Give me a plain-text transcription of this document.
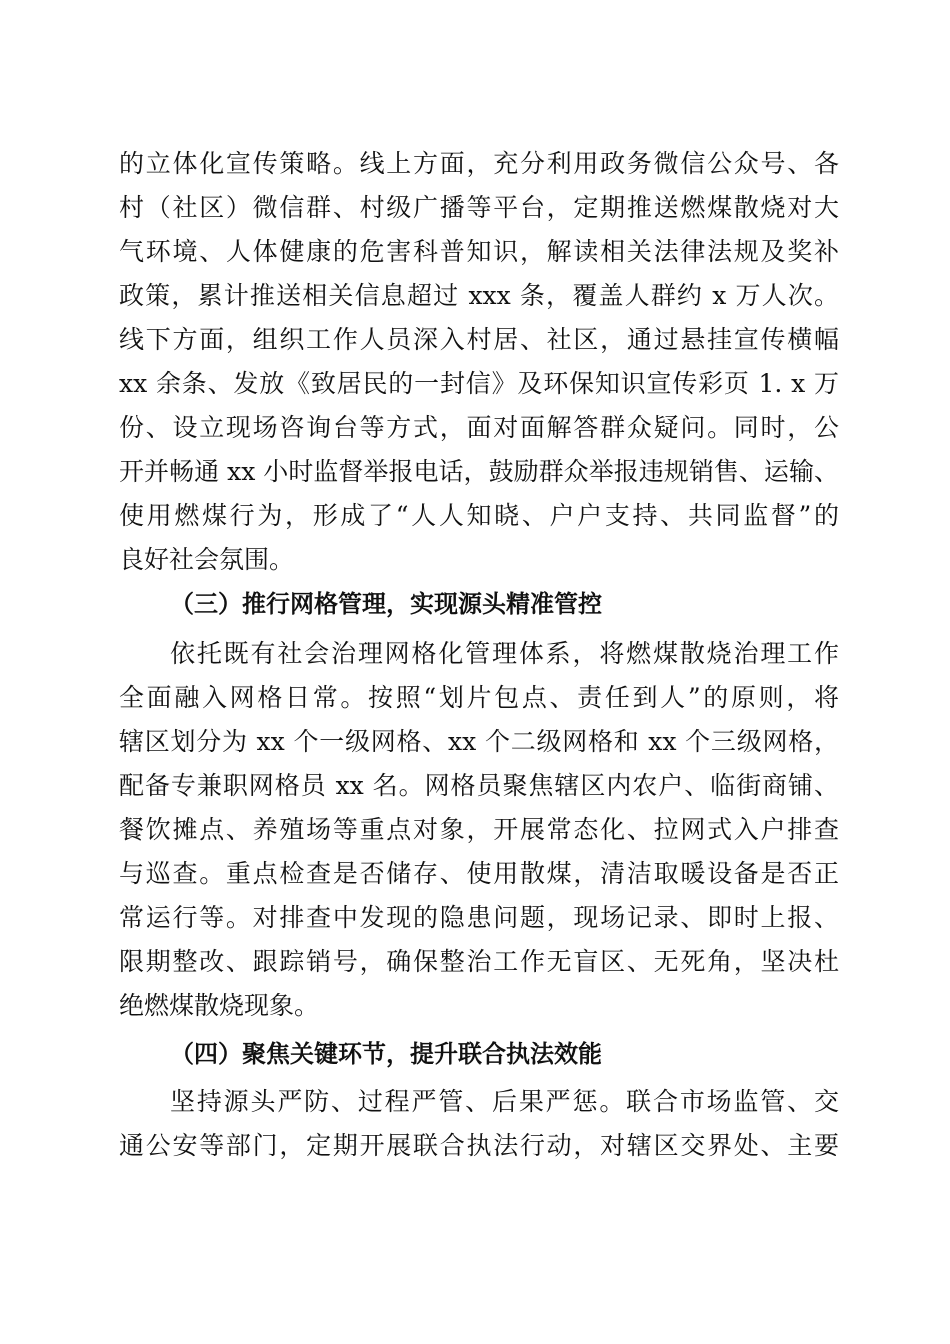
的立体化宣传策略。线上方面，充分利用政务微信公众号、各
村（社区）微信群、村级广播等平台，定期推送燃煤散烧对大
气环境、人体健康的危害科普知识，解读相关法律法规及奖补
政策，累计推送相关信息超过 xxx 条，覆盖人群约 x 万人次。
线下方面，组织工作人员深入村居、社区，通过悬挂宣传横幅
xx 余条、发放《致居民的一封信》及环保知识宣传彩页 1. x 万
份、设立现场咨询台等方式，面对面解答群众疑问。同时，公
开并畅通 xx 小时监督举报电话，鼓励群众举报违规销售、运输、
使用燃煤行为，形成了“人人知晓、户户支持、共同监督”的
良好社会氛围。
（三）推行网格管理，实现源头精准管控
依托既有社会治理网格化管理体系，将燃煤散烧治理工作
全面融入网格日常。按照“划片包点、责任到人”的原则，将
辖区划分为 xx 个一级网格、xx 个二级网格和 xx 个三级网格，
配备专兼职网格员 xx 名。网格员聚焦辖区内农户、临街商铺、
餐饮摊点、养殖场等重点对象，开展常态化、拉网式入户排查
与巡查。重点检查是否储存、使用散煤，清洁取暖设备是否正
常运行等。对排查中发现的隐患问题，现场记录、即时上报、
限期整改、跟踪销号，确保整治工作无盲区、无死角，坚决杜
绝燃煤散烧现象。
（四）聚焦关键环节，提升联合执法效能
坚持源头严防、过程严管、后果严惩。联合市场监管、交
通公安等部门，定期开展联合执法行动，对辖区交界处、主要
